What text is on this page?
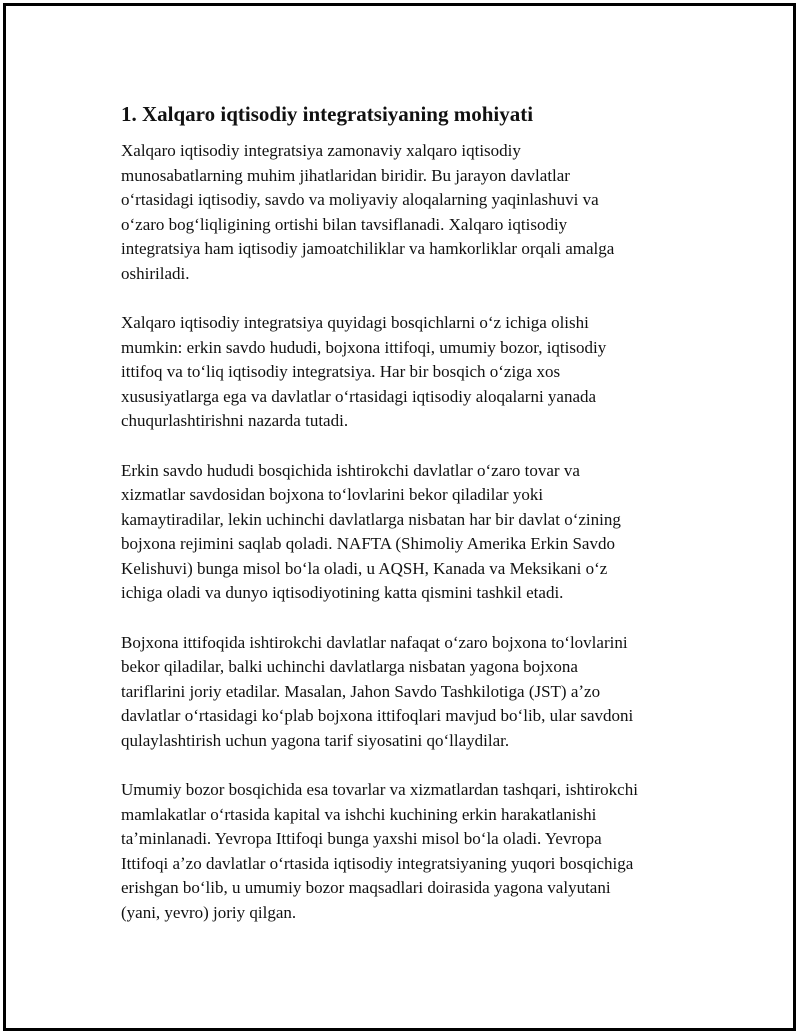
1. Xalqaro iqtisodiy integratsiyaning mohiyati

Xalqaro iqtisodiy integratsiya zamonaviy xalqaro iqtisodiy
munosabatlarning muhim jihatlaridan biridir. Bu jarayon davlatlar
oʻrtasidagi iqtisodiy, savdo va moliyaviy aloqalarning yaqinlashuvi va
oʻzaro bogʻliqligining ortishi bilan tavsiflanadi. Xalqaro iqtisodiy
integratsiya ham iqtisodiy jamoatchiliklar va hamkorliklar orqali amalga
oshiriladi.

Xalqaro iqtisodiy integratsiya quyidagi bosqichlarni oʻz ichiga olishi
mumkin: erkin savdo hududi, bojxona ittifoqi, umumiy bozor, iqtisodiy
ittifoq va toʻliq iqtisodiy integratsiya. Har bir bosqich oʻziga xos
xususiyatlarga ega va davlatlar oʻrtasidagi iqtisodiy aloqalarni yanada
chuqurlashtirishni nazarda tutadi.

Erkin savdo hududi bosqichida ishtirokchi davlatlar oʻzaro tovar va
xizmatlar savdosidan bojxona toʻlovlarini bekor qiladilar yoki
kamaytiradilar, lekin uchinchi davlatlarga nisbatan har bir davlat oʻzining
bojxona rejimini saqlab qoladi. NAFTA (Shimoliy Amerika Erkin Savdo
Kelishuvi) bunga misol boʻla oladi, u AQSH, Kanada va Meksikani oʻz
ichiga oladi va dunyo iqtisodiyotining katta qismini tashkil etadi.

Bojxona ittifoqida ishtirokchi davlatlar nafaqat oʻzaro bojxona toʻlovlarini
bekor qiladilar, balki uchinchi davlatlarga nisbatan yagona bojxona
tariflarini joriy etadilar. Masalan, Jahon Savdo Tashkilotiga (JST) aʼzo
davlatlar oʻrtasidagi koʻplab bojxona ittifoqlari mavjud boʻlib, ular savdoni
qulaylashtirish uchun yagona tarif siyosatini qoʻllaydilar.

Umumiy bozor bosqichida esa tovarlar va xizmatlardan tashqari, ishtirokchi
mamlakatlar oʻrtasida kapital va ishchi kuchining erkin harakatlanishi
taʼminlanadi. Yevropa Ittifoqi bunga yaxshi misol boʻla oladi. Yevropa
Ittifoqi aʼzo davlatlar oʻrtasida iqtisodiy integratsiyaning yuqori bosqichiga
erishgan boʻlib, u umumiy bozor maqsadlari doirasida yagona valyutani
(yani, yevro) joriy qilgan.
